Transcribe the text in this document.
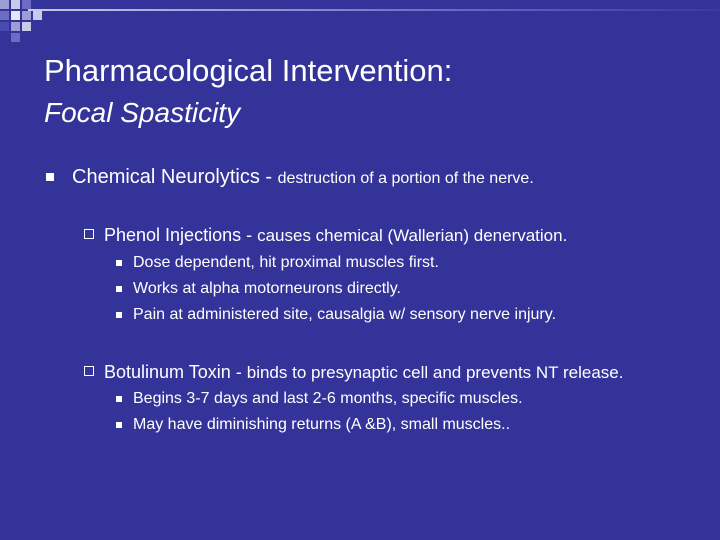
Pharmacological Intervention:
Focal Spasticity
Chemical Neurolytics - destruction of a portion of the nerve.
Phenol Injections - causes chemical (Wallerian) denervation.
Dose dependent, hit proximal muscles first.
Works at alpha motorneurons directly.
Pain at administered site, causalgia w/ sensory nerve injury.
Botulinum Toxin - binds to presynaptic cell and prevents NT release.
Begins 3-7 days and last 2-6 months, specific muscles.
May have diminishing returns (A &B), small muscles..
